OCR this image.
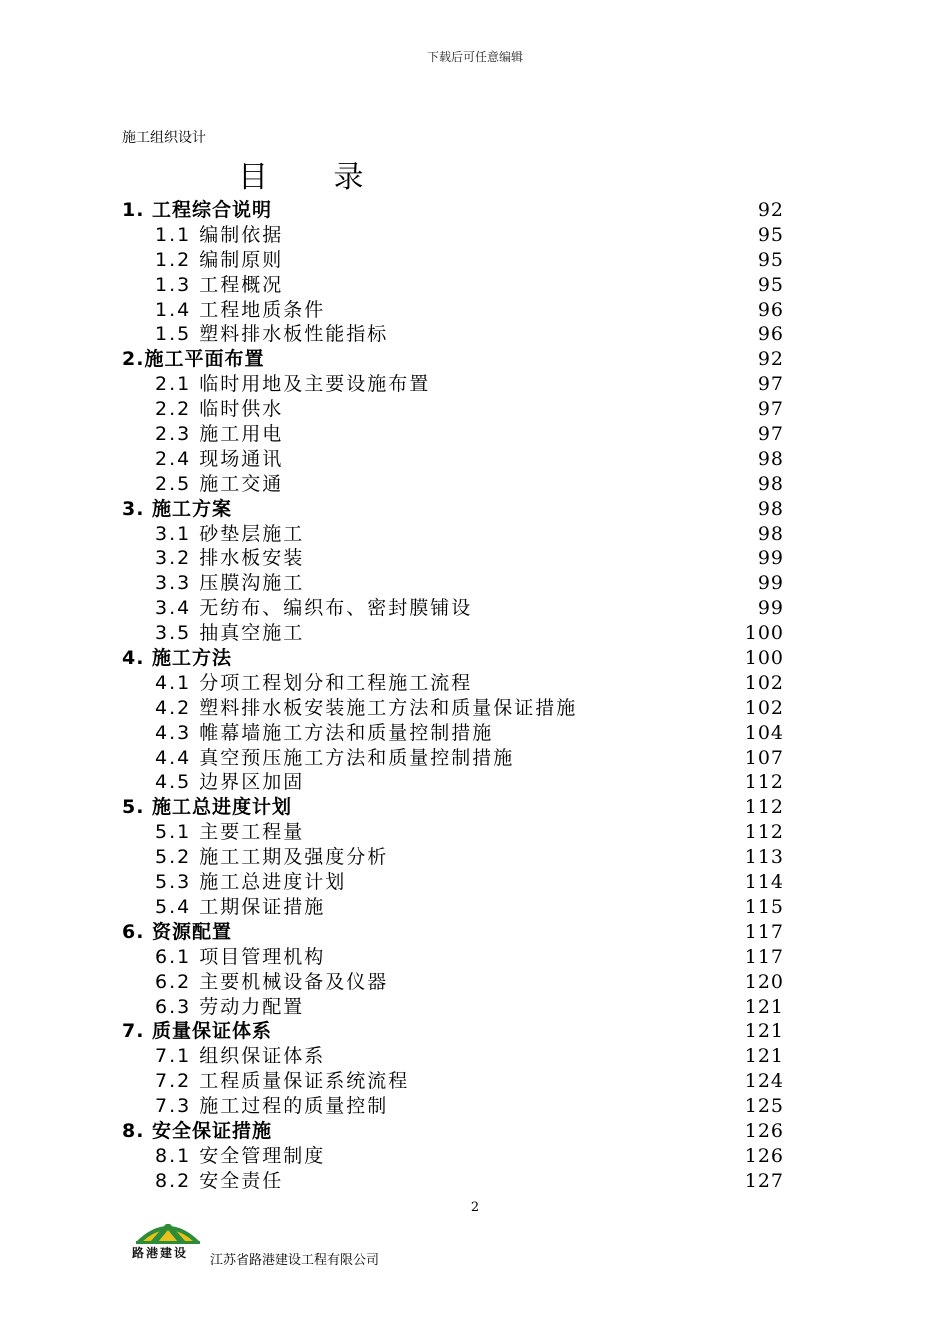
下载后可任意编辑
施工组织设计
目 录
1. 工程综合说明	92
1.1 编制依据	95
1.2 编制原则	95
1.3 工程概况	95
1.4 工程地质条件	96
1.5 塑料排水板性能指标	96
2.施工平面布置	92
2.1 临时用地及主要设施布置	97
2.2 临时供水	97
2.3 施工用电	97
2.4 现场通讯	98
2.5 施工交通	98
3. 施工方案	98
3.1 砂垫层施工	98
3.2 排水板安装	99
3.3 压膜沟施工	99
3.4 无纺布、编织布、密封膜铺设	99
3.5 抽真空施工	100
4. 施工方法	100
4.1 分项工程划分和工程施工流程	102
4.2 塑料排水板安装施工方法和质量保证措施	102
4.3 帷幕墙施工方法和质量控制措施	104
4.4 真空预压施工方法和质量控制措施	107
4.5 边界区加固	112
5. 施工总进度计划	112
5.1 主要工程量	112
5.2 施工工期及强度分析	113
5.3 施工总进度计划	114
5.4 工期保证措施	115
6. 资源配置	117
6.1 项目管理机构	117
6.2 主要机械设备及仪器	120
6.3 劳动力配置	121
7. 质量保证体系	121
7.1 组织保证体系	121
7.2 工程质量保证系统流程	124
7.3 施工过程的质量控制	125
8. 安全保证措施	126
8.1 安全管理制度	126
8.2 安全责任	127
2
路港建设 江苏省路港建设工程有限公司
